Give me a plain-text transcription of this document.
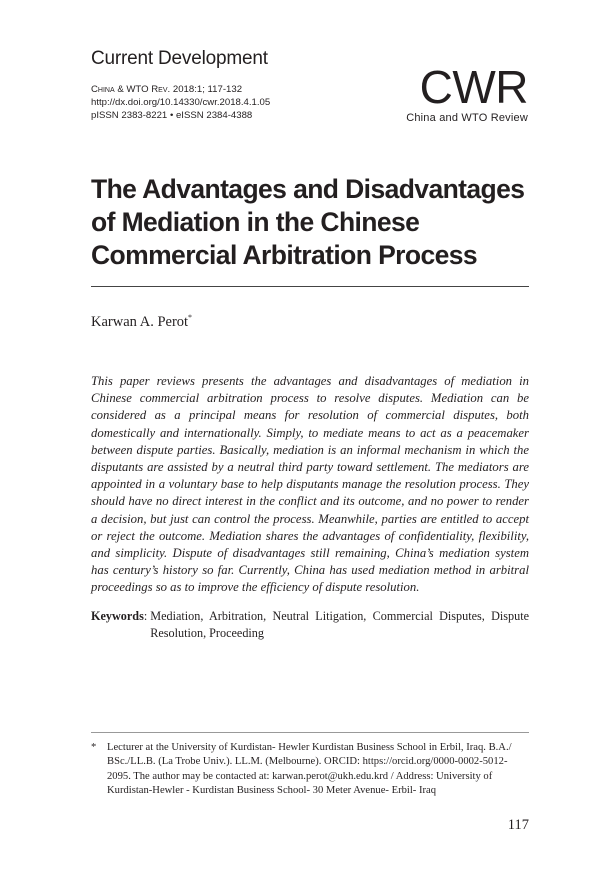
Current Development
China & WTO Rev. 2018:1; 117-132
http://dx.doi.org/10.14330/cwr.2018.4.1.05
pISSN 2383-8221 • eISSN 2384-4388
CWR
China and WTO Review
The Advantages and Disadvantages of Mediation in the Chinese Commercial Arbitration Process
Karwan A. Perot*
This paper reviews presents the advantages and disadvantages of mediation in Chinese commercial arbitration process to resolve disputes. Mediation can be considered as a principal means for resolution of commercial disputes, both domestically and internationally. Simply, to mediate means to act as a peacemaker between dispute parties. Basically, mediation is an informal mechanism in which the disputants are assisted by a neutral third party toward settlement. The mediators are appointed in a voluntary base to help disputants manage the resolution process. They should have no direct interest in the conflict and its outcome, and no power to render a decision, but just can control the process. Meanwhile, parties are entitled to accept or reject the outcome. Mediation shares the advantages of confidentiality, flexibility, and simplicity. Dispute of disadvantages still remaining, China’s mediation system has century’s history so far. Currently, China has used mediation method in arbitral proceedings so as to improve the efficiency of dispute resolution.
Keywords: Mediation, Arbitration, Neutral Litigation, Commercial Disputes, Dispute Resolution, Proceeding
*	Lecturer at the University of Kurdistan- Hewler Kurdistan Business School in Erbil, Iraq. B.A./ BSc./LL.B. (La Trobe Univ.). LL.M. (Melbourne). ORCID: https://orcid.org/0000-0002-5012-2095. The author may be contacted at: karwan.perot@ukh.edu.krd / Address: University of Kurdistan-Hewler - Kurdistan Business School- 30 Meter Avenue- Erbil- Iraq
117
